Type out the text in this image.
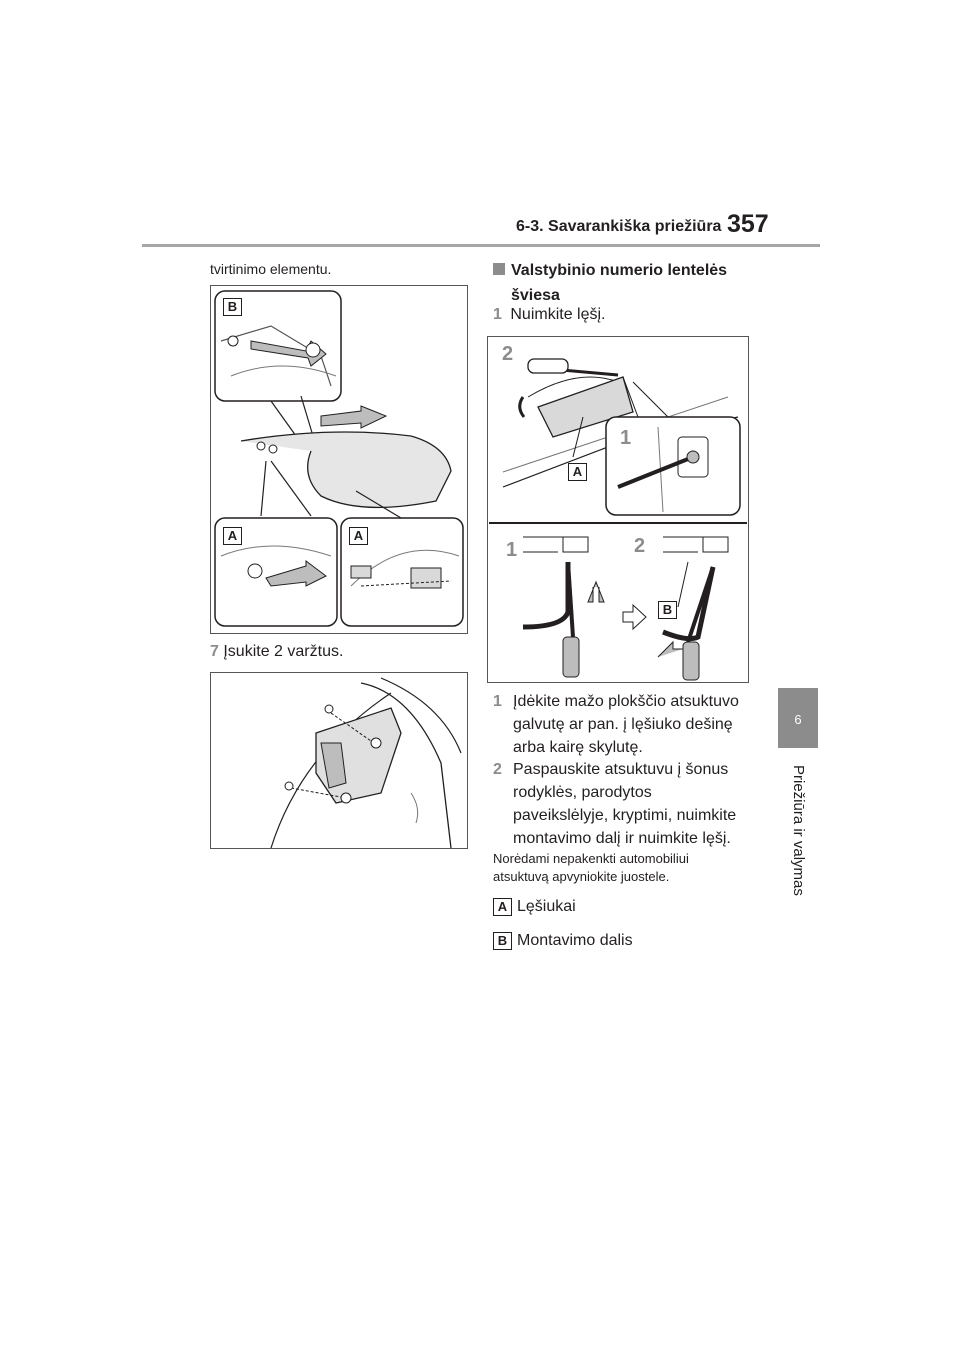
6-3. Savarankiška priežiūra 357
6
Priežiūra ir valymas
tvirtinimo elementu.
B
A	A
7 Įsukite 2 varžtus.
Valstybinio numerio lentelės
šviesa
1 Nuimkite lęšį.
2
1
A
1	2
B
1 Įdėkite mažo plokščio atsuktuvo
galvutę ar pan. į lęšiuko dešinę
arba kairę skylutę.
2 Paspauskite atsuktuvu į šonus
rodyklės, parodytos
paveikslėlyje, kryptimi, nuimkite
montavimo dalį ir nuimkite lęšį.
Norėdami nepakenkti automobiliui
atsuktuvą apvyniokite juostele.
A Lęšiukai
B Montavimo dalis
